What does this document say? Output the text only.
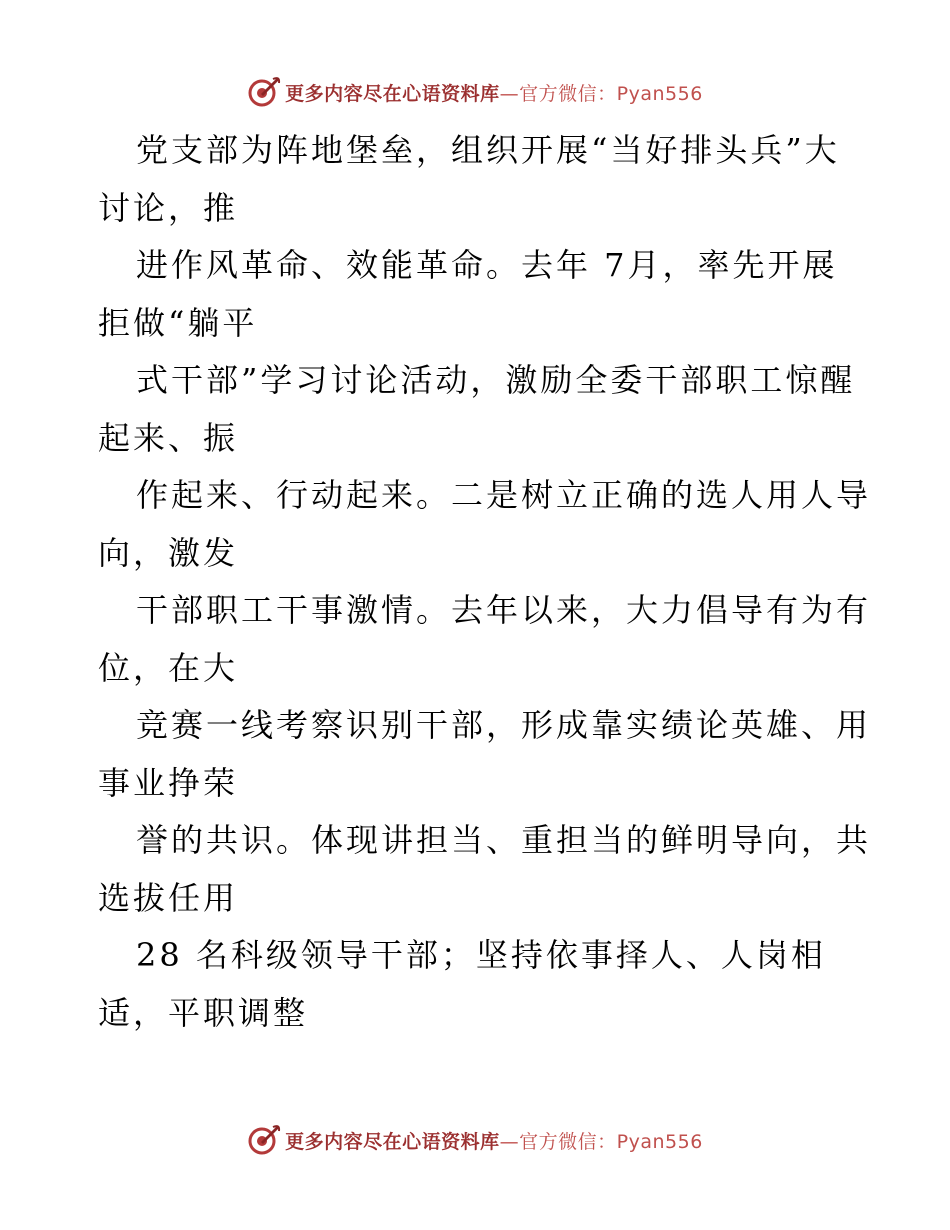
更多内容尽在心语资料库—官方微信：Pyan556
党支部为阵地堡垒，组织开展“当好排头兵”大
讨论，推
进作风革命、效能革命。去年 7月，率先开展
拒做“躺平
式干部”学习讨论活动，激励全委干部职工惊醒
起来、振
作起来、行动起来。二是树立正确的选人用人导
向，激发
干部职工干事激情。去年以来，大力倡导有为有
位，在大
竞赛一线考察识别干部，形成靠实绩论英雄、用
事业挣荣
誉的共识。体现讲担当、重担当的鲜明导向，共
选拔任用
28 名科级领导干部；坚持依事择人、人岗相
适，平职调整
更多内容尽在心语资料库—官方微信：Pyan556
